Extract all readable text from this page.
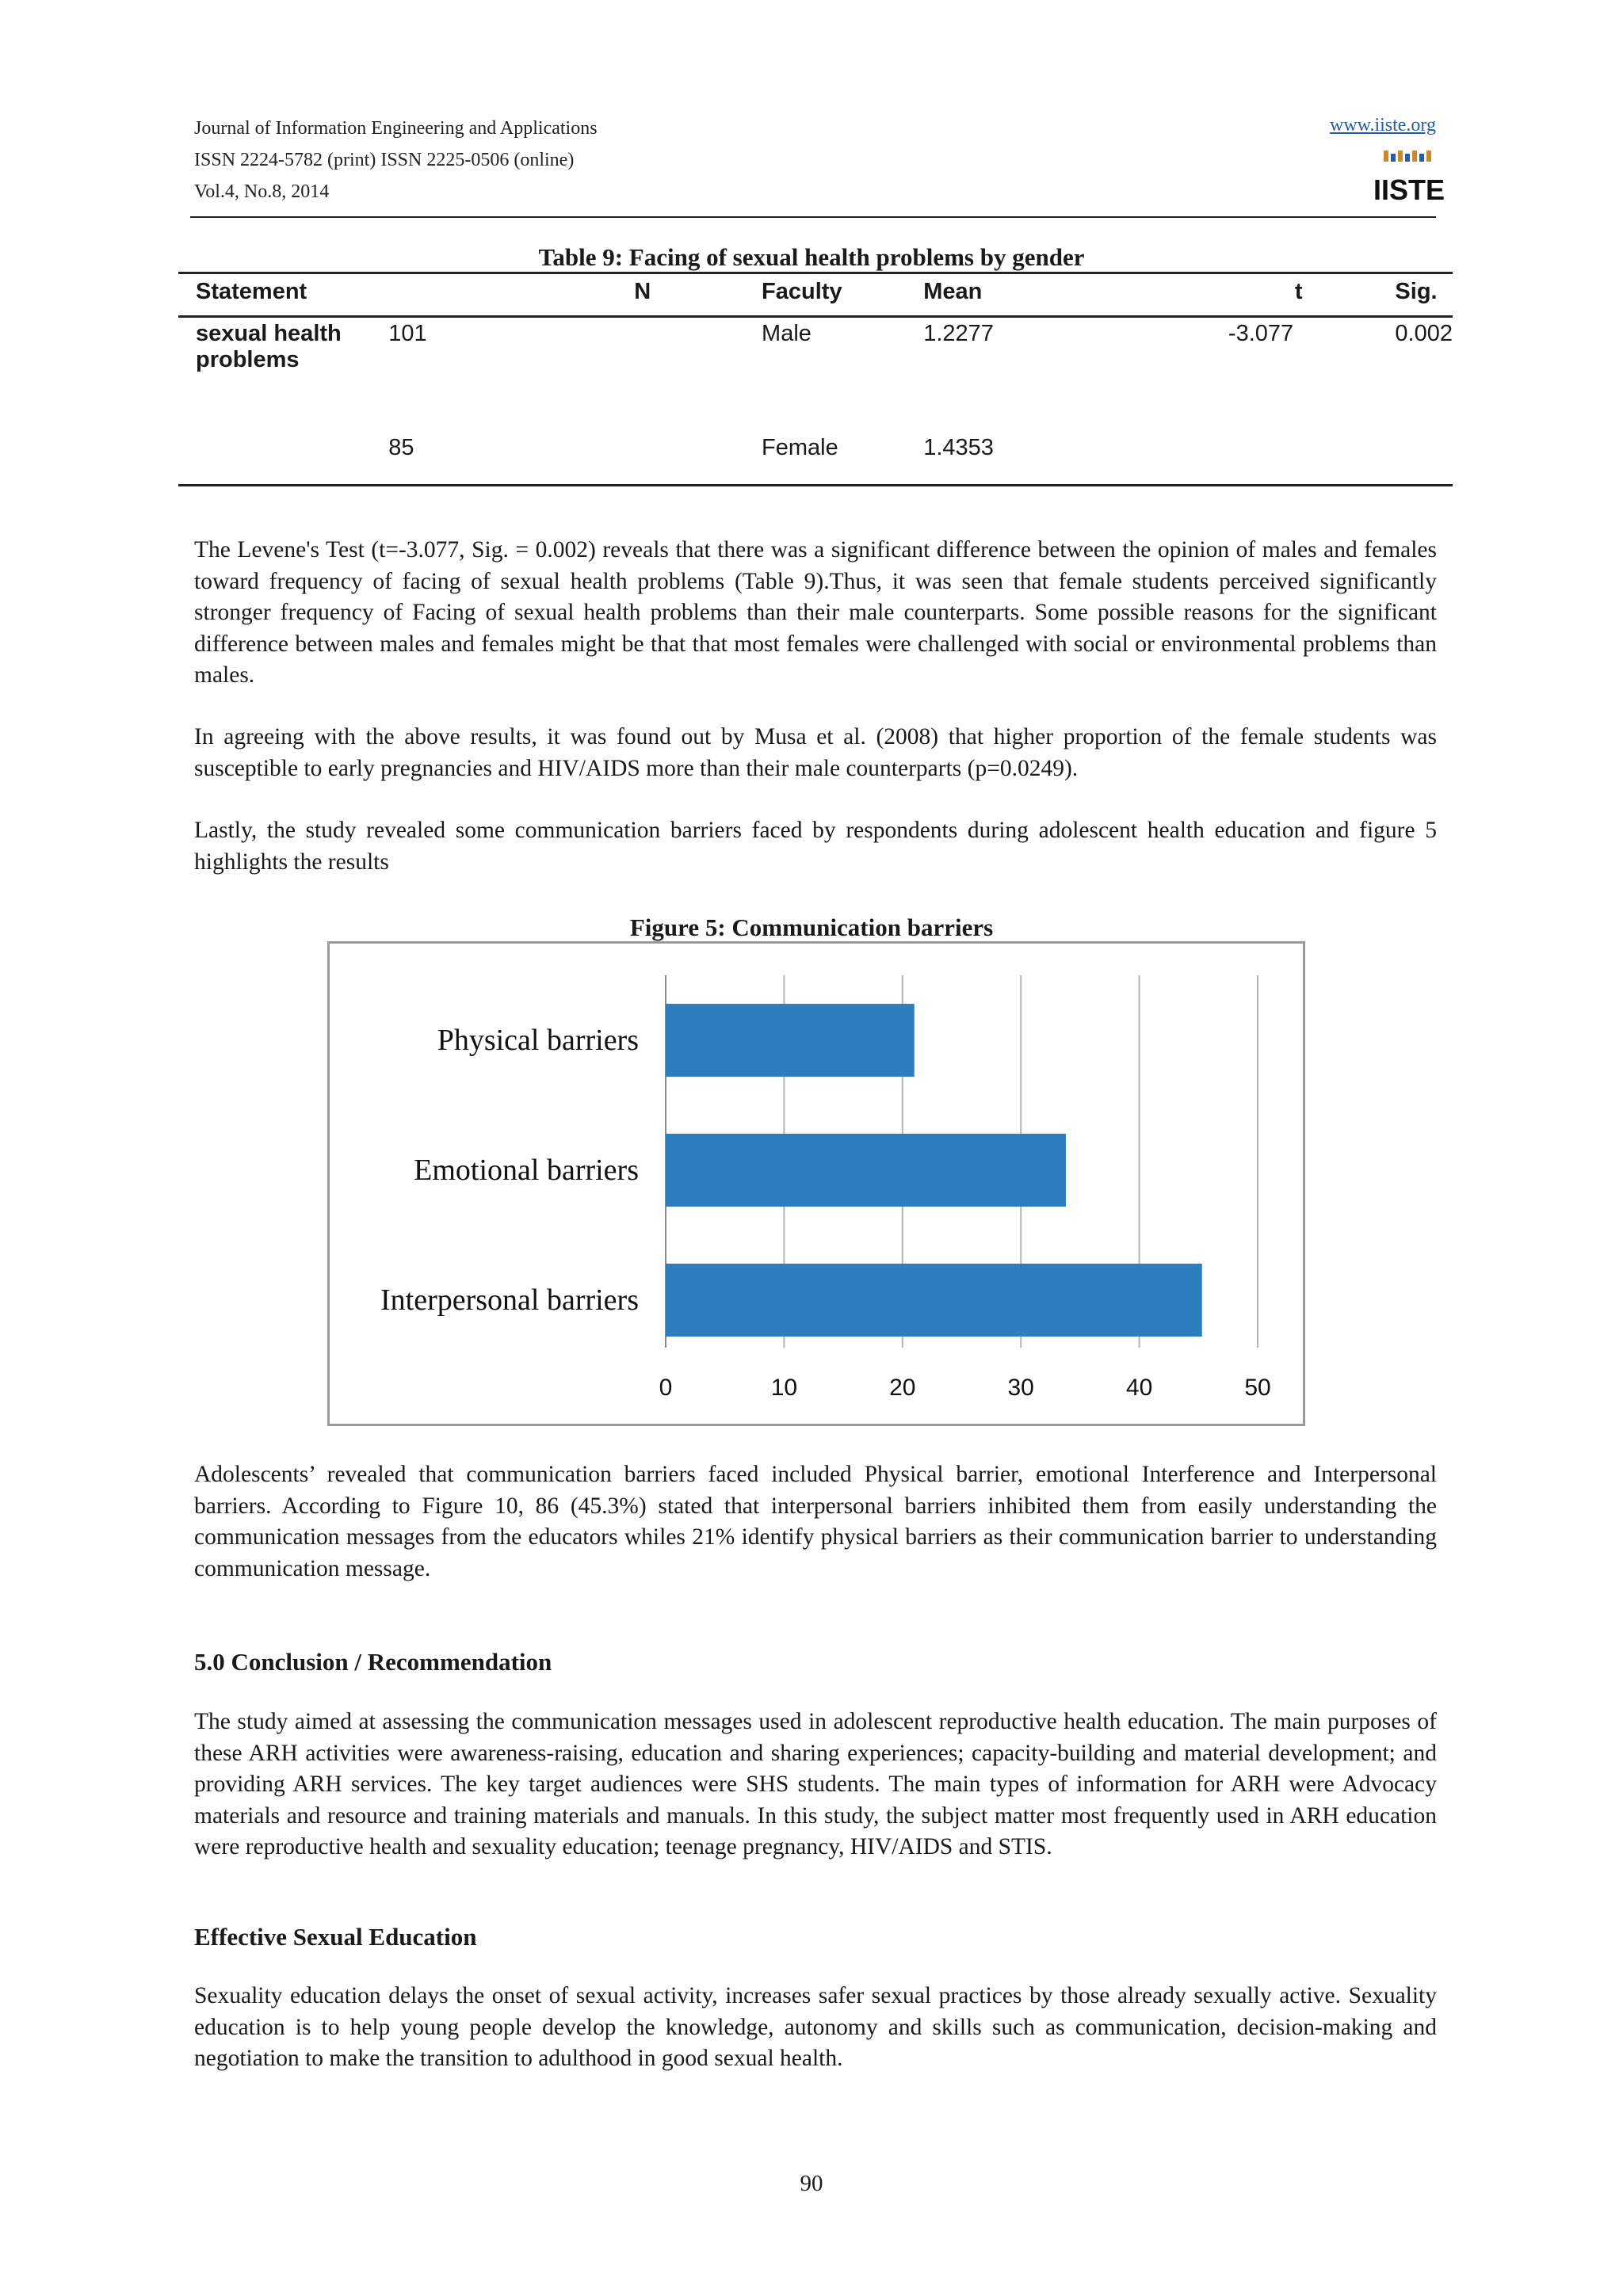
Journal of Information Engineering and Applications
ISSN 2224-5782 (print) ISSN 2225-0506 (online)
Vol.4, No.8, 2014
www.iiste.org
IISTE
Table 9: Facing of sexual health problems by gender
Statement	N	Faculty	Mean	t	Sig.
sexual health problems	101	Male	1.2277	-3.077	0.002
	85	Female	1.4353		
The Levene's Test (t=-3.077, Sig. = 0.002) reveals that there was a significant difference between the opinion of males and females toward frequency of facing of sexual health problems (Table 9).Thus, it was seen that female students perceived significantly stronger frequency of Facing of sexual health problems than their male counterparts. Some possible reasons for the significant difference between males and females might be that that most females were challenged with social or environmental problems than males.
In agreeing with the above results, it was found out by Musa et al. (2008) that higher proportion of the female students was susceptible to early pregnancies and HIV/AIDS more than their male counterparts (p=0.0249).
Lastly, the study revealed some communication barriers faced by respondents during adolescent health education and figure 5 highlights the results
Figure 5: Communication barriers
0	10	20	30	40	50
Physical barriers
Emotional barriers
Interpersonal barriers
Adolescents’ revealed that communication barriers faced included Physical barrier, emotional Interference and Interpersonal barriers. According to Figure 10, 86 (45.3%) stated that interpersonal barriers inhibited them from easily understanding the communication messages from the educators whiles 21% identify physical barriers as their communication barrier to understanding communication message.
5.0 Conclusion / Recommendation
The study aimed at assessing the communication messages used in adolescent reproductive health education. The main purposes of these ARH activities were awareness-raising, education and sharing experiences; capacity-building and material development; and providing ARH services. The key target audiences were SHS students. The main types of information for ARH were Advocacy materials and resource and training materials and manuals. In this study, the subject matter most frequently used in ARH education were reproductive health and sexuality education; teenage pregnancy, HIV/AIDS and STIS.
Effective Sexual Education
Sexuality education delays the onset of sexual activity, increases safer sexual practices by those already sexually active. Sexuality education is to help young people develop the knowledge, autonomy and skills such as communication, decision-making and negotiation to make the transition to adulthood in good sexual health.
90
